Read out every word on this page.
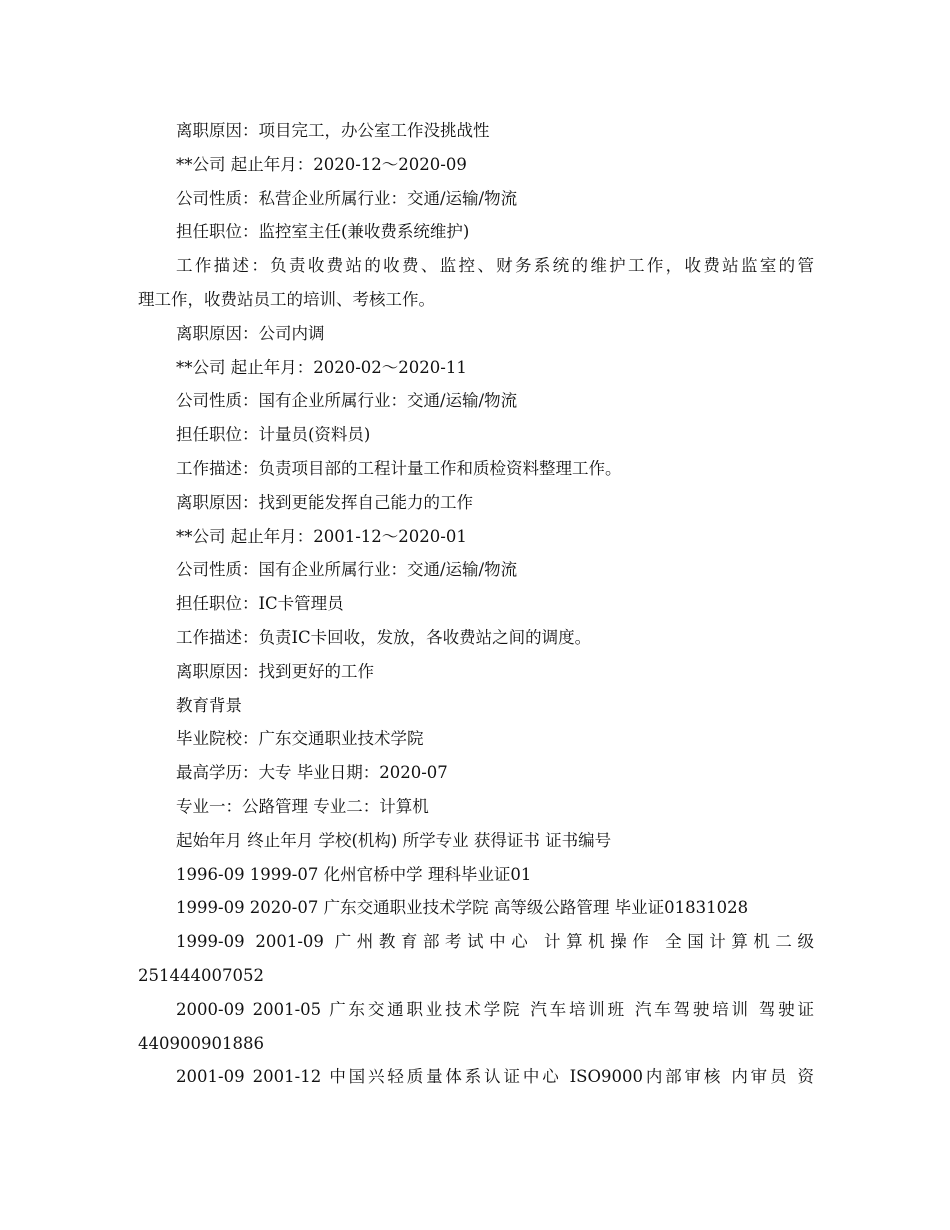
离职原因：项目完工，办公室工作没挑战性

**公司 起止年月：2020-12～2020-09

公司性质：私营企业所属行业：交通/运输/物流

担任职位：监控室主任(兼收费系统维护)

工作描述：负责收费站的收费、监控、财务系统的维护工作，收费站监室的管

理工作，收费站员工的培训、考核工作。

离职原因：公司内调

**公司 起止年月：2020-02～2020-11

公司性质：国有企业所属行业：交通/运输/物流

担任职位：计量员(资料员)

工作描述：负责项目部的工程计量工作和质检资料整理工作。

离职原因：找到更能发挥自己能力的工作

**公司 起止年月：2001-12～2020-01

公司性质：国有企业所属行业：交通/运输/物流

担任职位：IC卡管理员

工作描述：负责IC卡回收，发放，各收费站之间的调度。

离职原因：找到更好的工作

教育背景

毕业院校：广东交通职业技术学院

最高学历：大专 毕业日期：2020-07

专业一：公路管理 专业二：计算机

起始年月 终止年月 学校(机构) 所学专业 获得证书 证书编号

1996-09 1999-07 化州官桥中学 理科毕业证01

1999-09 2020-07 广东交通职业技术学院 高等级公路管理 毕业证01831028

1999-09 2001-09 广州教育部考试中心 计算机操作 全国计算机二级

251444007052

2000-09 2001-05 广东交通职业技术学院 汽车培训班 汽车驾驶培训 驾驶证

440900901886

2001-09 2001-12 中国兴轻质量体系认证中心 ISO9000内部审核 内审员 资
